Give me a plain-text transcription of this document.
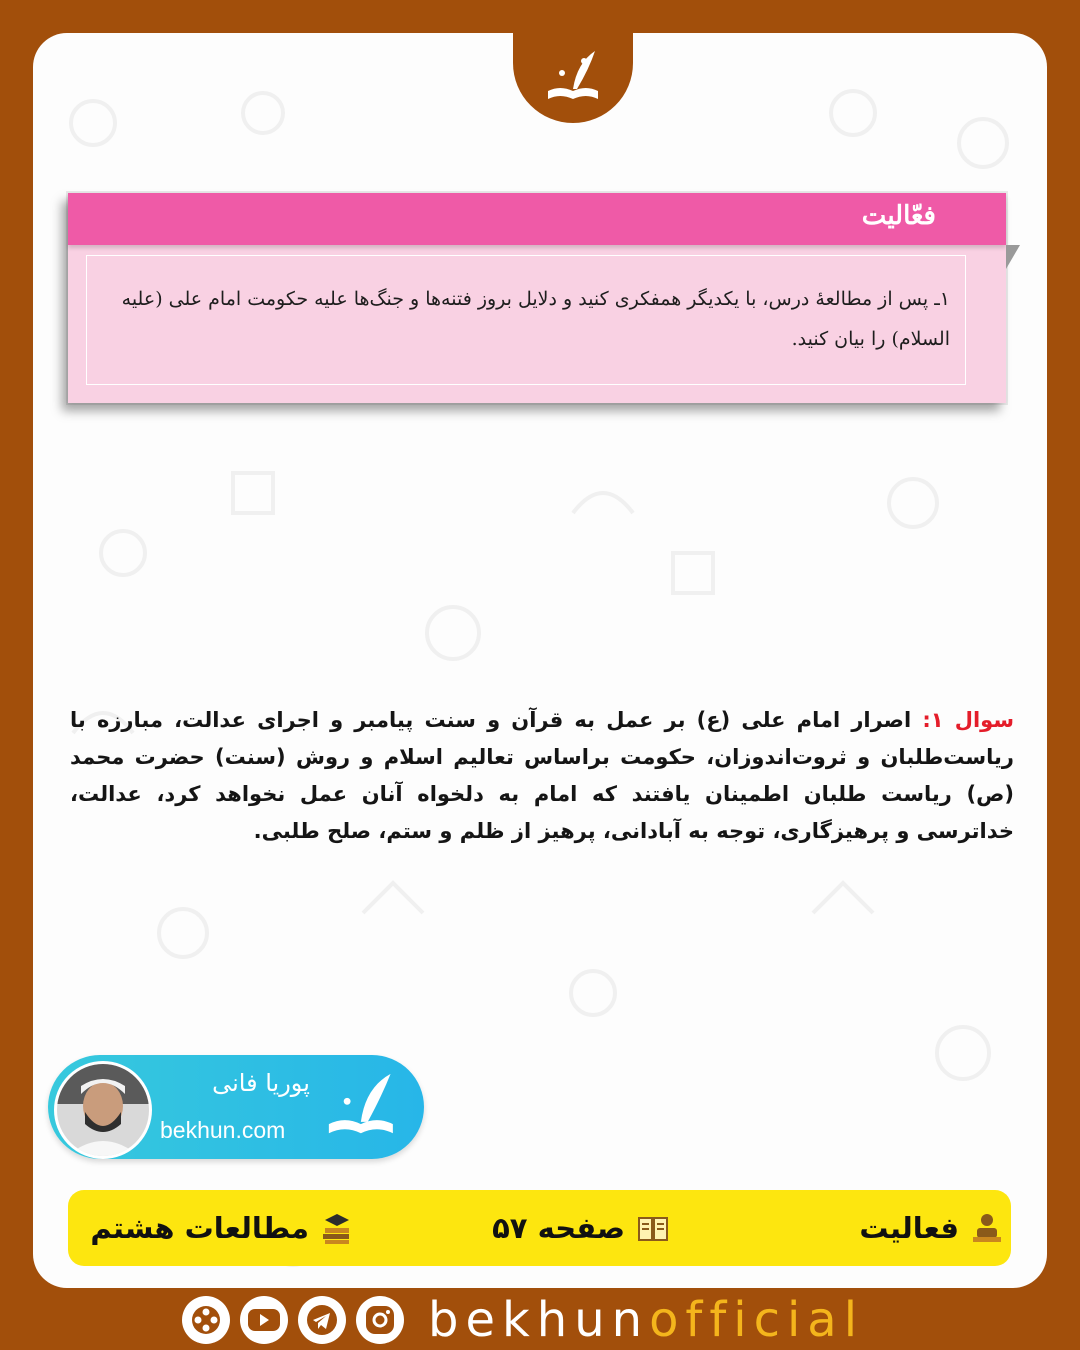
فعّالیت
۱ـ پس از مطالعهٔ درس، با یکدیگر همفکری کنید و دلایل بروز فتنه‌ها و جنگ‌ها علیه حکومت امام علی (علیه السلام) را بیان کنید.
سوال ۱: اصرار امام علی (ع) بر عمل به قرآن و سنت پیامبر و اجرای عدالت، مبارزه با ریاست‌طلبان و ثروت‌اندوزان، حکومت براساس تعالیم اسلام و روش (سنت) حضرت محمد (ص) ریاست طلبان اطمینان یافتند که امام به دلخواه آنان عمل نخواهد کرد، عدالت، خداترسی و پرهیزگاری، توجه به آبادانی، پرهیز از ظلم و ستم، صلح طلبی.
پوریا فانی
bekhun.com
فعالیت
صفحه ۵۷
مطالعات هشتم
bekhunofficial
